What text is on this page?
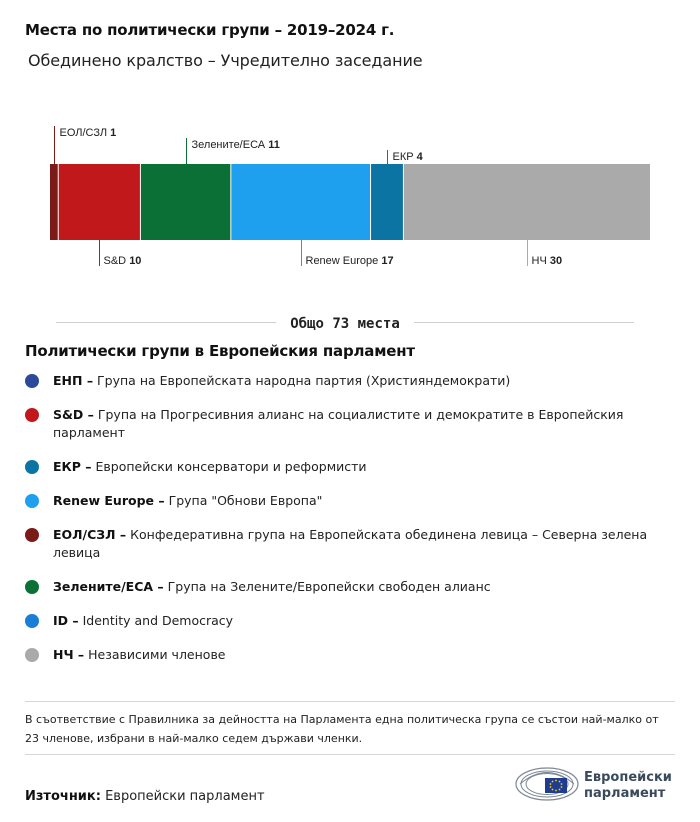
Места по политически групи – 2019–2024 г.
Обединено кралство – Учредително заседание
ЕОЛ/СЗЛ 1
S&D 10
Зелените/ЕСА 11
Renew Europe 17
ЕКР 4
НЧ 30
Общо 73 места
Политически групи в Европейския парламент
ЕНП – Група на Европейската народна партия (Християндемократи)
S&D – Група на Прогресивния алианс на социалистите и демократите в Европейския парламент
ЕКР – Европейски консерватори и реформисти
Renew Europe – Група "Обнови Европа"
ЕОЛ/СЗЛ – Конфедеративна група на Европейската обединена левица – Северна зелена левица
Зелените/ЕСА – Група на Зелените/Европейски свободен алианс
ID – Identity and Democracy
НЧ – Независими членове
В съответствие с Правилника за дейността на Парламента една политическа група се състои най-малко от 23 членове, избрани в най-малко седем държави членки.
Източник: Европейски парламент
Европейски
парламент
